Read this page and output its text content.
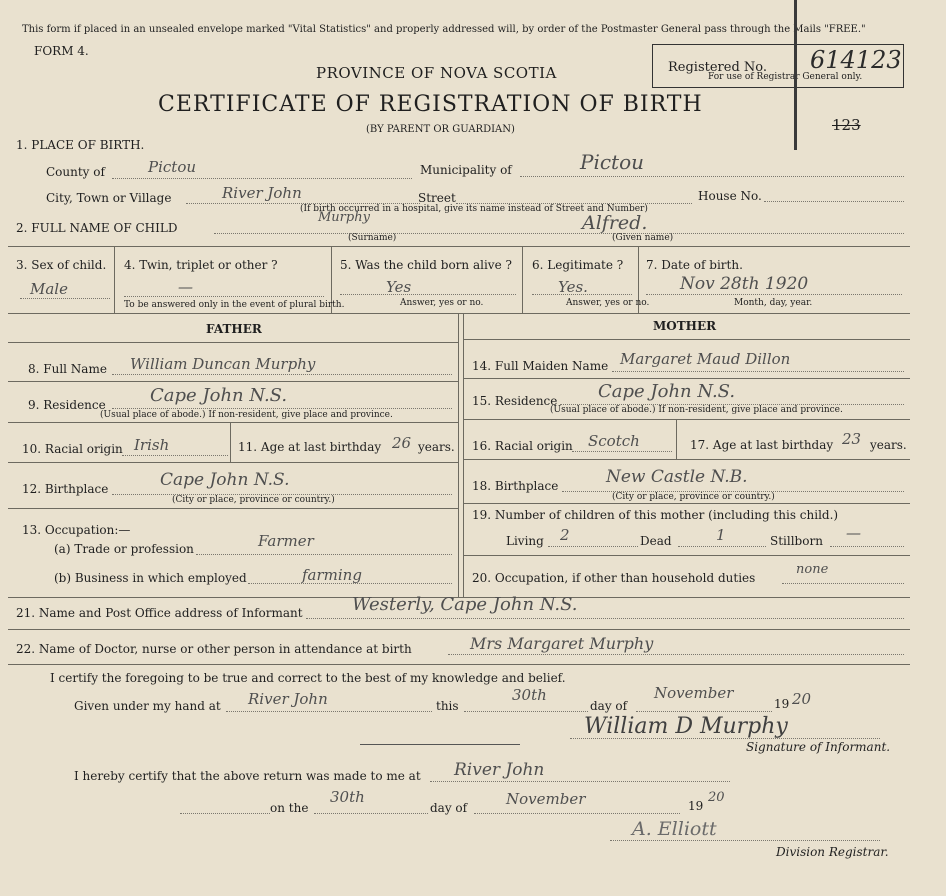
This form if placed in an unsealed envelope marked "Vital Statistics" and properly addressed will, by order of the Postmaster General pass through the Mails "FREE."
FORM 4.
PROVINCE OF NOVA SCOTIA
CERTIFICATE OF REGISTRATION OF BIRTH
(BY PARENT OR GUARDIAN)
Registered No. 614123
For use of Registrar General only.
123
1. PLACE OF BIRTH.
County of	Pictou	Municipality of	Pictou
City, Town or Village	River John	Street	House No.
(If birth occurred in a hospital, give its name instead of Street and Number)
2. FULL NAME OF CHILD
Murphy
(Surname)
Alfred.
(Given name)
3. Sex of child.
Male
4. Twin, triplet or other ?
—
To be answered only in the event of plural birth.
5. Was the child born alive ?
Yes
Answer, yes or no.
6. Legitimate ?
Yes.
Answer, yes or no.
7. Date of birth.
Nov 28th 1920
Month, day, year.
FATHER	MOTHER
8. Full Name William Duncan Murphy
9. Residence Cape John N.S.
(Usual place of abode.) If non-resident, give place and province.
10. Racial origin Irish	11. Age at last birthday 26 years.
12. Birthplace	Cape John N.S.
(City or place, province or country.)
13. Occupation:—
(a) Trade or profession	Farmer
(b) Business in which employed	farming
14. Full Maiden Name Margaret Maud Dillon
15. Residence Cape John N.S.
(Usual place of abode.) If non-resident, give place and province.
16. Racial origin Scotch	17. Age at last birthday 23 years.
18. Birthplace	New Castle N.B.
(City or place, province or country.)
19. Number of children of this mother (including this child.)
Living 2	Dead	1	Stillborn —
20. Occupation, if other than household duties
none
21. Name and Post Office address of Informant	Westerly, Cape John N.S.
22. Name of Doctor, nurse or other person in attendance at birth	Mrs Margaret Murphy
I certify the foregoing to be true and correct to the best of my knowledge and belief.
Given under my hand at River John	this
30th
day of
November
19 20
William D Murphy
Signature of Informant.
I hereby certify that the above return was made to me at River John
on the
30th
day of	November	19
20
A. Elliott
Division Registrar.
